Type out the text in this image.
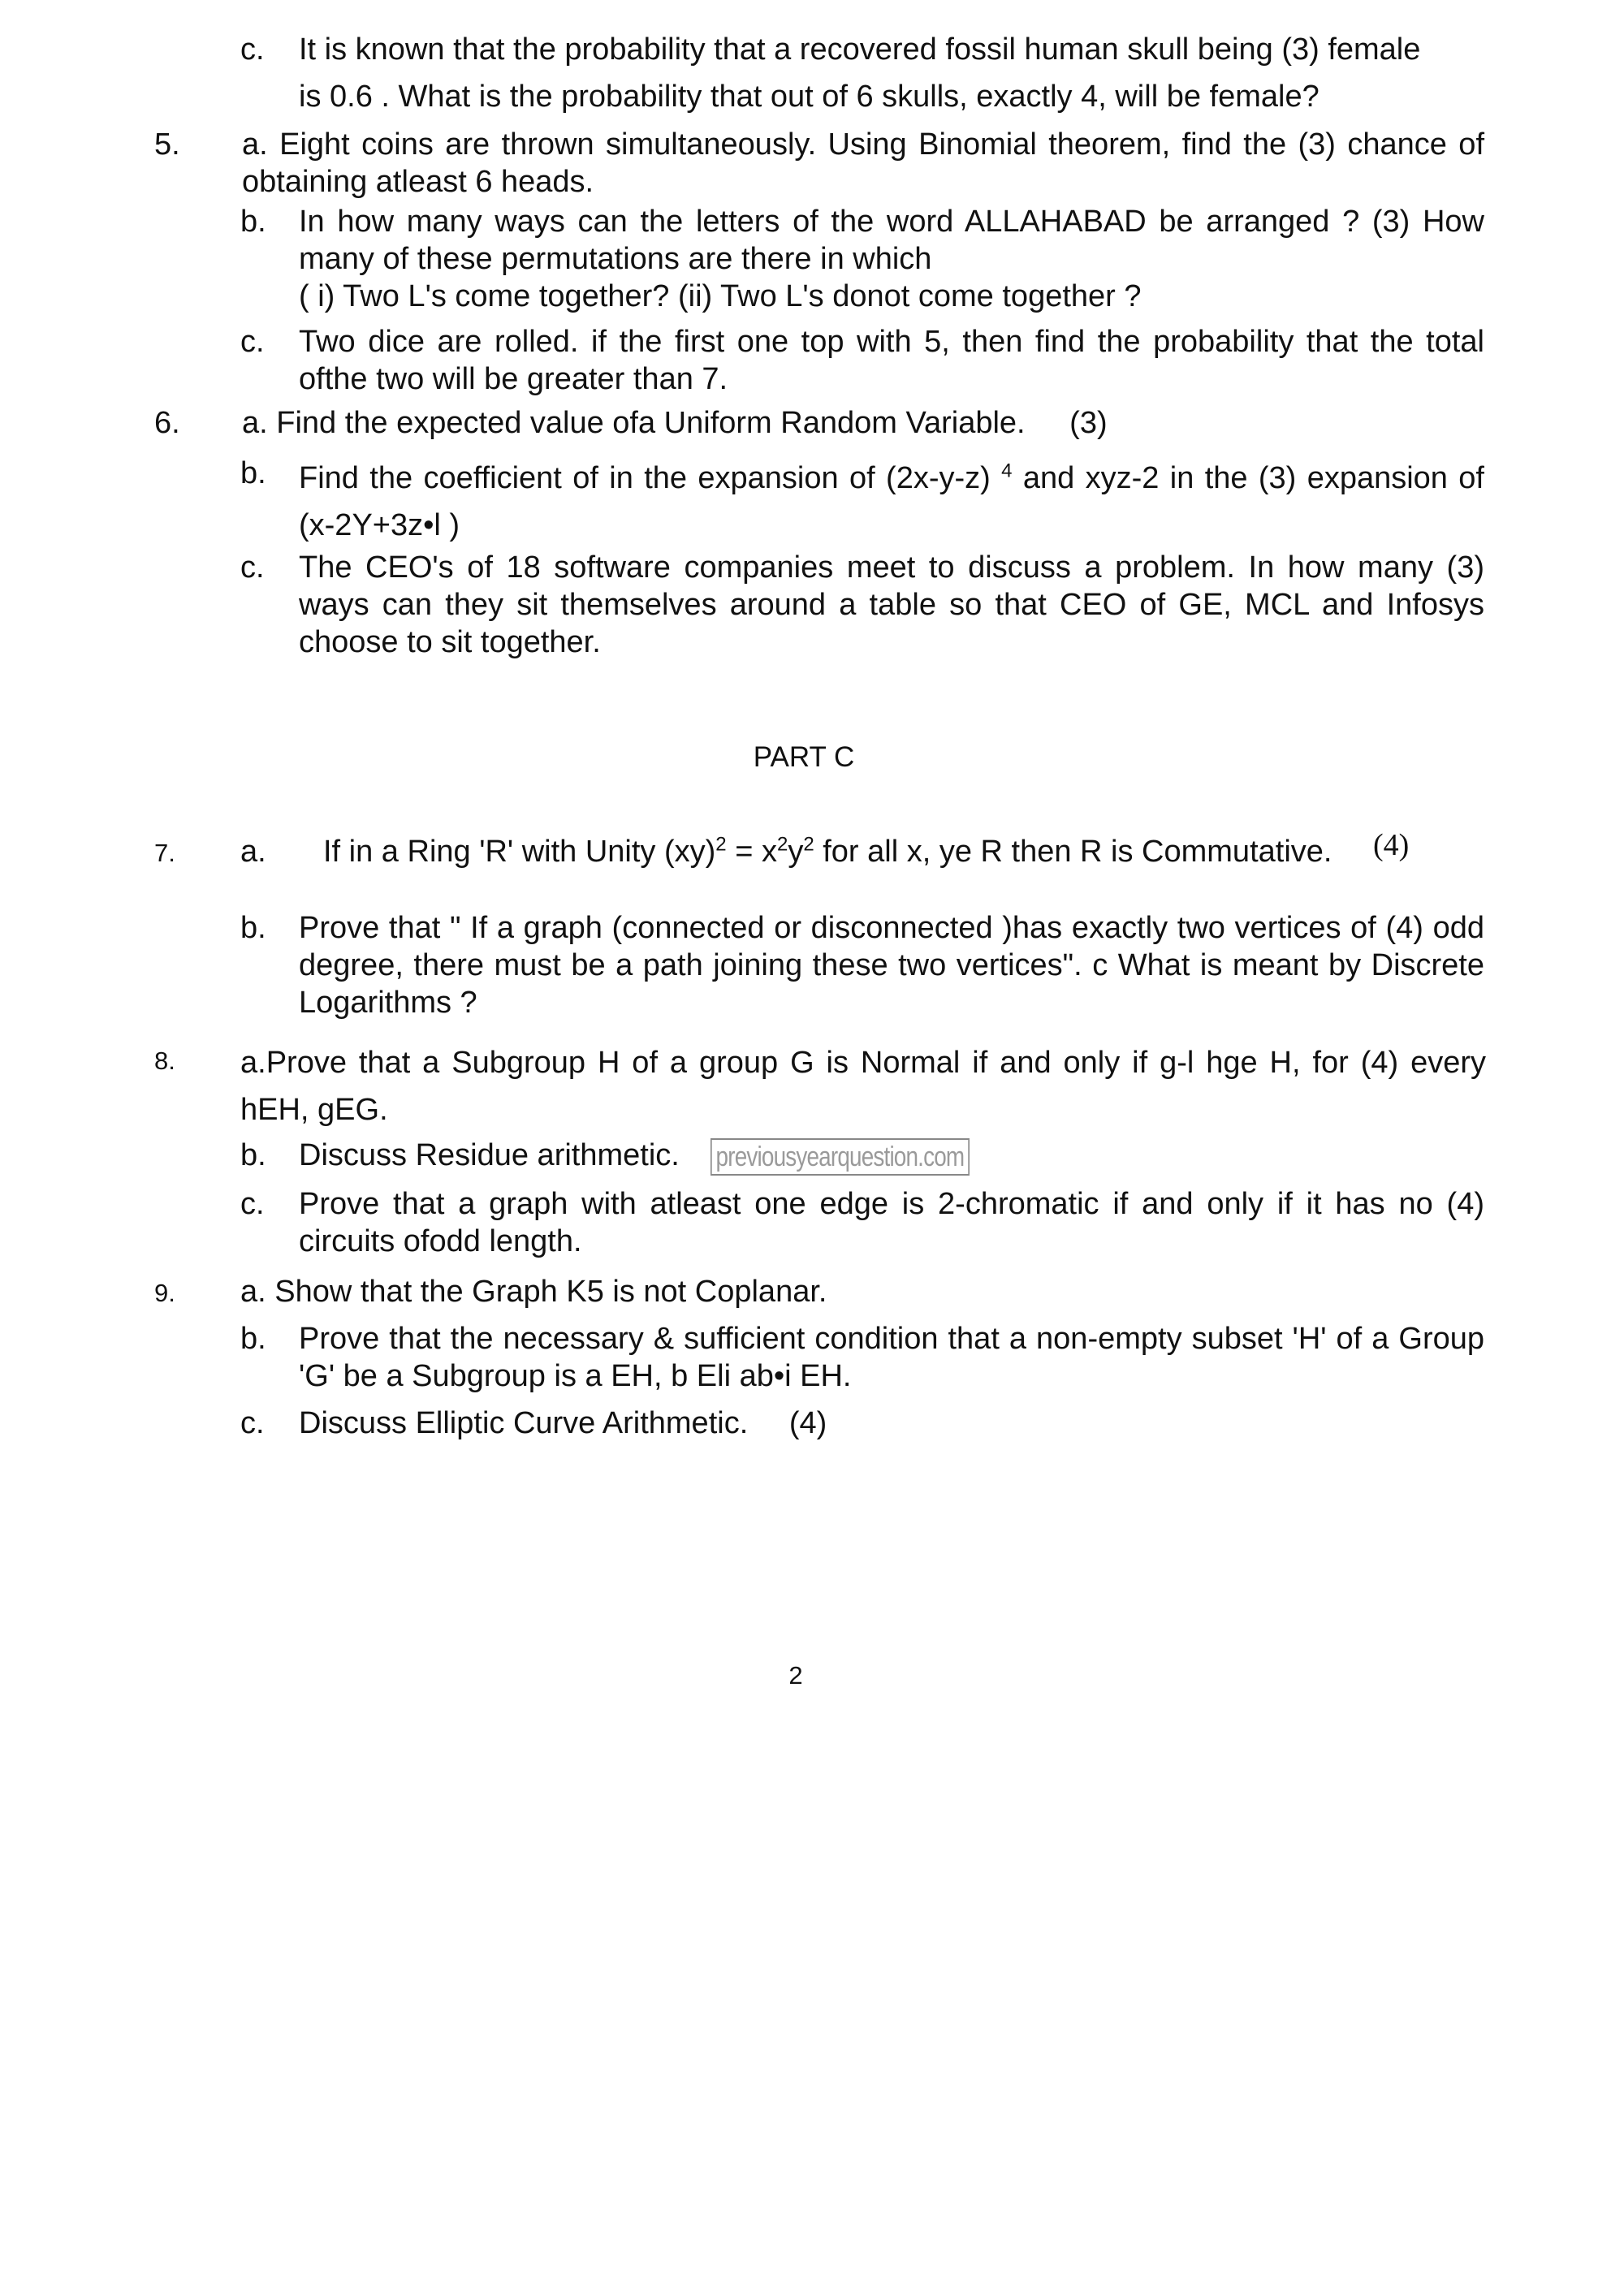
c. It is known that the probability that a recovered fossil human skull being (3) female
is 0.6 . What is the probability that out of 6 skulls, exactly 4, will be female?
5. a. Eight coins are thrown simultaneously. Using Binomial theorem, find the (3) chance of obtaining atleast 6 heads.
b. In how many ways can the letters of the word ALLAHABAD be arranged ? (3) How many of these permutations are there in which
( i) Two L's come together? (ii) Two L's donot come together ?
c. Two dice are rolled. if the first one top with 5, then find the probability that the total ofthe two will be greater than 7.
6. a. Find the expected value ofa Uniform Random Variable. (3)
b. Find the coefficient of in the expansion of (2x-y-z) $^4$ and xyz-2 in the (3) expansion of (x-2Y+3z•l )
c. The CEO's of 18 software companies meet to discuss a problem. In how many (3) ways can they sit themselves around a table so that CEO of GE, MCL and Infosys choose to sit together.
PART C
7. a. If in a Ring 'R' with Unity $(xy)^2 = x^2y^2$ for all x, ye R then R is Commutative. (4)
b. Prove that " If a graph (connected or disconnected )has exactly two vertices of (4) odd degree, there must be a path joining these two vertices". c What is meant by Discrete Logarithms ?
8. a.Prove that a Subgroup H of a group G is Normal if and only if g-l hge H, for (4) every hEH, gEG.
b. Discuss Residue arithmetic. previousyearquestion.com
c. Prove that a graph with atleast one edge is 2-chromatic if and only if it has no (4) circuits ofodd length.
9. a. Show that the Graph K5 is not Coplanar.
b. Prove that the necessary & sufficient condition that a non-empty subset 'H' of a Group 'G' be a Subgroup is a EH, b Eli ab•i EH.
c. Discuss Elliptic Curve Arithmetic. (4)
2
